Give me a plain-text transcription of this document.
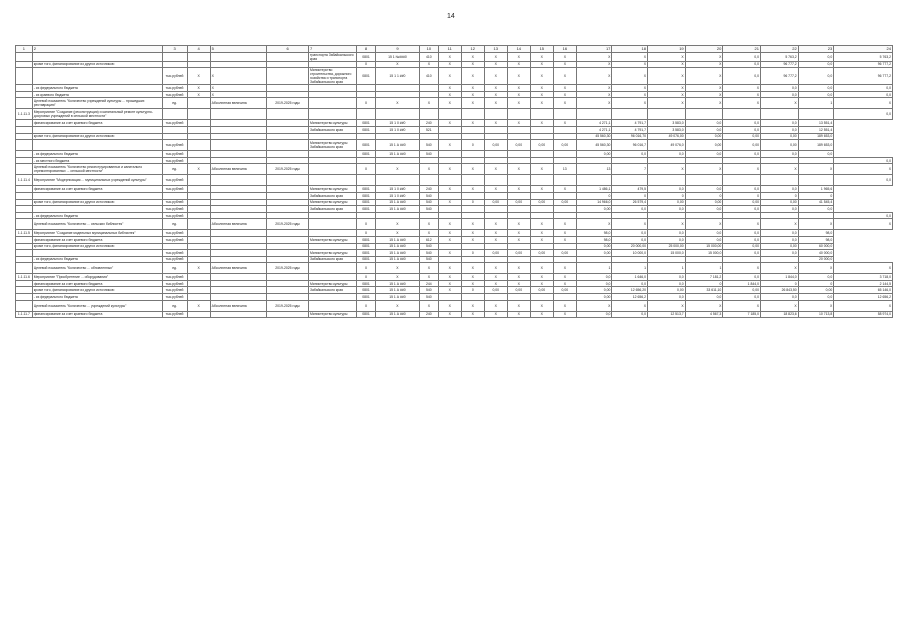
14
1	2	3	4	5	6	7	8	9	10	11	12	13	14	15	16	17	18	19	20	21	22	23	24
						транспорта Забайкальского края	0801	15 1 №###0	410	Х	Х	Х	Х	Х	Х	Х	Х	Х	Х	0,0	5 763,2	0,0	5 763,2
	кроме того, финансирование из других источников:						Х	Х	Х	Х	Х	Х	Х	Х	Х	Х	Х	Х	Х	0,0	96 777,2	0,0	96 777,2
		тыс.рублей	Х	Х		Министерство строительства, дорожного хозяйства и транспорта Забайкальского края	0801	15 1 1 ##0	410	Х	Х	Х	Х	Х	Х	Х	Х	Х	Х	0,0	96 777,2	0,0	96 777,2
	- из федерального бюджета	тыс.рублей	Х	Х						Х	Х	Х	Х	Х	Х	Х	Х	Х	Х	Х	0,0	0,0	0,0
	- из краевого бюджета	тыс.рублей	Х	Х						Х	Х	Х	Х	Х	Х	Х	Х	Х	Х	Х	0,0	0,0	0,0
	Целевой показатель "Количество учреждений культуры ... прошедших реставрацию"	ед.		Абсолютная величина	2019-2025 годы		Х	Х	Х	Х	Х	Х	Х	Х	Х	Х	Х	Х	Х	Х	Х	1	Х
1.1.11.3	Мероприятие "Создание (реконструкция) и капитальный ремонт культурно-досуговых учреждений в сельской местности"																						0,0
	финансирование за счет краевого бюджета	тыс.рублей				Министерство культуры	0801	15 1 0 ##0	240	Х	Х	Х	Х	Х	Х	4 271,1	4 791,7	3 583,0	0,0	0,0	0,0	13 551,4	
						Забайкальского края	0801	15 1 0 ##0	521							4 271,1	4 791,7	3 583,0	0,0	0,0	0,0	12 551,4	
	кроме того, финансирование из других источников:															45 560,30	96 016,70	49 076,00	0,00	0,00	0,00	189 653,0	
		тыс.рублей				Министерство культуры Забайкальского края	0801	15 1 А ##0	540	Х	0	0,00	0,00	0,00	0,00	45 560,30	96 016,7	49 076,0	0,00	0,00	0,00	189 653,0	
	- из федерального бюджета	тыс.рублей					0801	15 1 А ##0	540							0,00	0,0	0,0	0,0	0,0	0,0	0,0	
	- из местного бюджета	тыс.рублей																					0,0
	Целевой показатель "Количество реконструированных и капитально отремонтированных ... сельской местности"	ед.	Х	Абсолютная величина	2019-2025 годы		Х	Х	Х	Х	Х	Х	Х	Х	13	13	7	Х	Х	Х	Х	Х	Х
1.1.11.4	Мероприятие "Модернизация ... муниципальных учреждений культуры"	тыс.рублей																					0,0
	финансирование за счет краевого бюджета	тыс.рублей				Министерство культуры	0801	15 1 0 ##0	240	Х	Х	Х	Х	Х	Х	1 486,1	479,5	0,0	0,0	0,0	0,0	1 965,6	
						Забайкальского края	0801	15 1 0 ##0	540							0	0	0	0	0	0	0	
	кроме того, финансирование из других источников:	тыс.рублей				Министерство культуры	0801	15 1 А ##0	540	Х	0	0,00	0,00	0,00	0,00	14 966,0	26 579,4	0,00	0,00	0,00	0,00	41 545,4	
		тыс.рублей				Забайкальского края	0801	15 1 А ##0	540							0,00	0,0	0,0	0,0	0,0	0,0	0,0	
	- из федерального бюджета	тыс.рублей																					0,0
	Целевой показатель "Количество ... сельских библиотек"	ед.		Абсолютная величина	2019-2025 годы		Х	Х	Х	Х	Х	Х	Х	Х	Х	Х	Х	Х	Х	Х	Х	Х	Х
1.1.11.5	Мероприятие "Создание модельных муниципальных библиотек"	тыс.рублей					Х	Х	Х	Х	Х	Х	Х	Х	Х	98,0	0,0	0,0	0,0	0,0	0,0	98,0	
	финансирование за счет краевого бюджета	тыс.рублей				Министерство культуры	0801	15 1 А ##0	612	Х	Х	Х	Х	Х	Х	98,0	0,0	0,0	0,0	0,0	0,0	98,0	
	кроме того, финансирование из других источников:						0801	15 1 А ##0	540							0,00	20 000,00	25 000,00	15 000,00	0,00	0,00	60 000,0	
		тыс.рублей				Министерство культуры	0801	15 1 А ##0	540	Х	0	0,00	0,00	0,00	0,00	0,00	10 000,0	15 000,0	15 000,0	0,0	0,0	40 000,0	
	- из федерального бюджета	тыс.рублей				Забайкальского края	0801	15 1 А ##0	540													20 000,0	
	Целевой показатель "Количество ... обновленных"	ед.	Х	Абсолютная величина	2019-2025 годы		Х	Х	Х	Х	Х	Х	Х	Х	Х	1	1	1	1	Х	Х	Х	Х
1.1.11.6	Мероприятие "Приобретение ... оборудования"	тыс.рублей					Х	Х	Х	Х	Х	Х	Х	Х	Х	0,0	1 646,0	0,0	7 181,2	0,0	1 844,0	0,0	3 718,0
	финансирование за счет краевого бюджета	тыс.рублей				Министерство культуры	0801	15 1 А ##0	244	Х	Х	Х	Х	Х	Х	0,0	0,0	0,0	0	1 844,0	0	0	2 144,5
	кроме того, финансирование из других источников:	тыс.рублей				Забайкальского края	0801	15 1 А ##0	540	Х	0	0,00	0,00	0,00	0,00	0,00	12 656,20	0,00	33 611,10	0,00	26 843,50	0,00	65 146,0
	- из федерального бюджета	тыс.рублей					0801	15 1 А ##0	540							0,00	12 656,2	0,0	0,0	0,0	0,0	0,0	12 656,2
	Целевой показатель "Количество ... учреждений культуры"	ед.	Х	Абсолютная величина	2019-2025 годы		Х	Х	Х	Х	Х	Х	Х	Х	Х	Х	Х	Х	Х	Х	Х	Х	Х
1.1.11.7	финансирование за счет краевого бюджета	тыс.рублей				Министерство культуры	0801	15 1 А ##0	240	Х	Х	Х	Х	Х	Х	0,0	0,0	12 513,7	4 567,3	7 185,0	18 823,6	10 713,8	58 974,0
